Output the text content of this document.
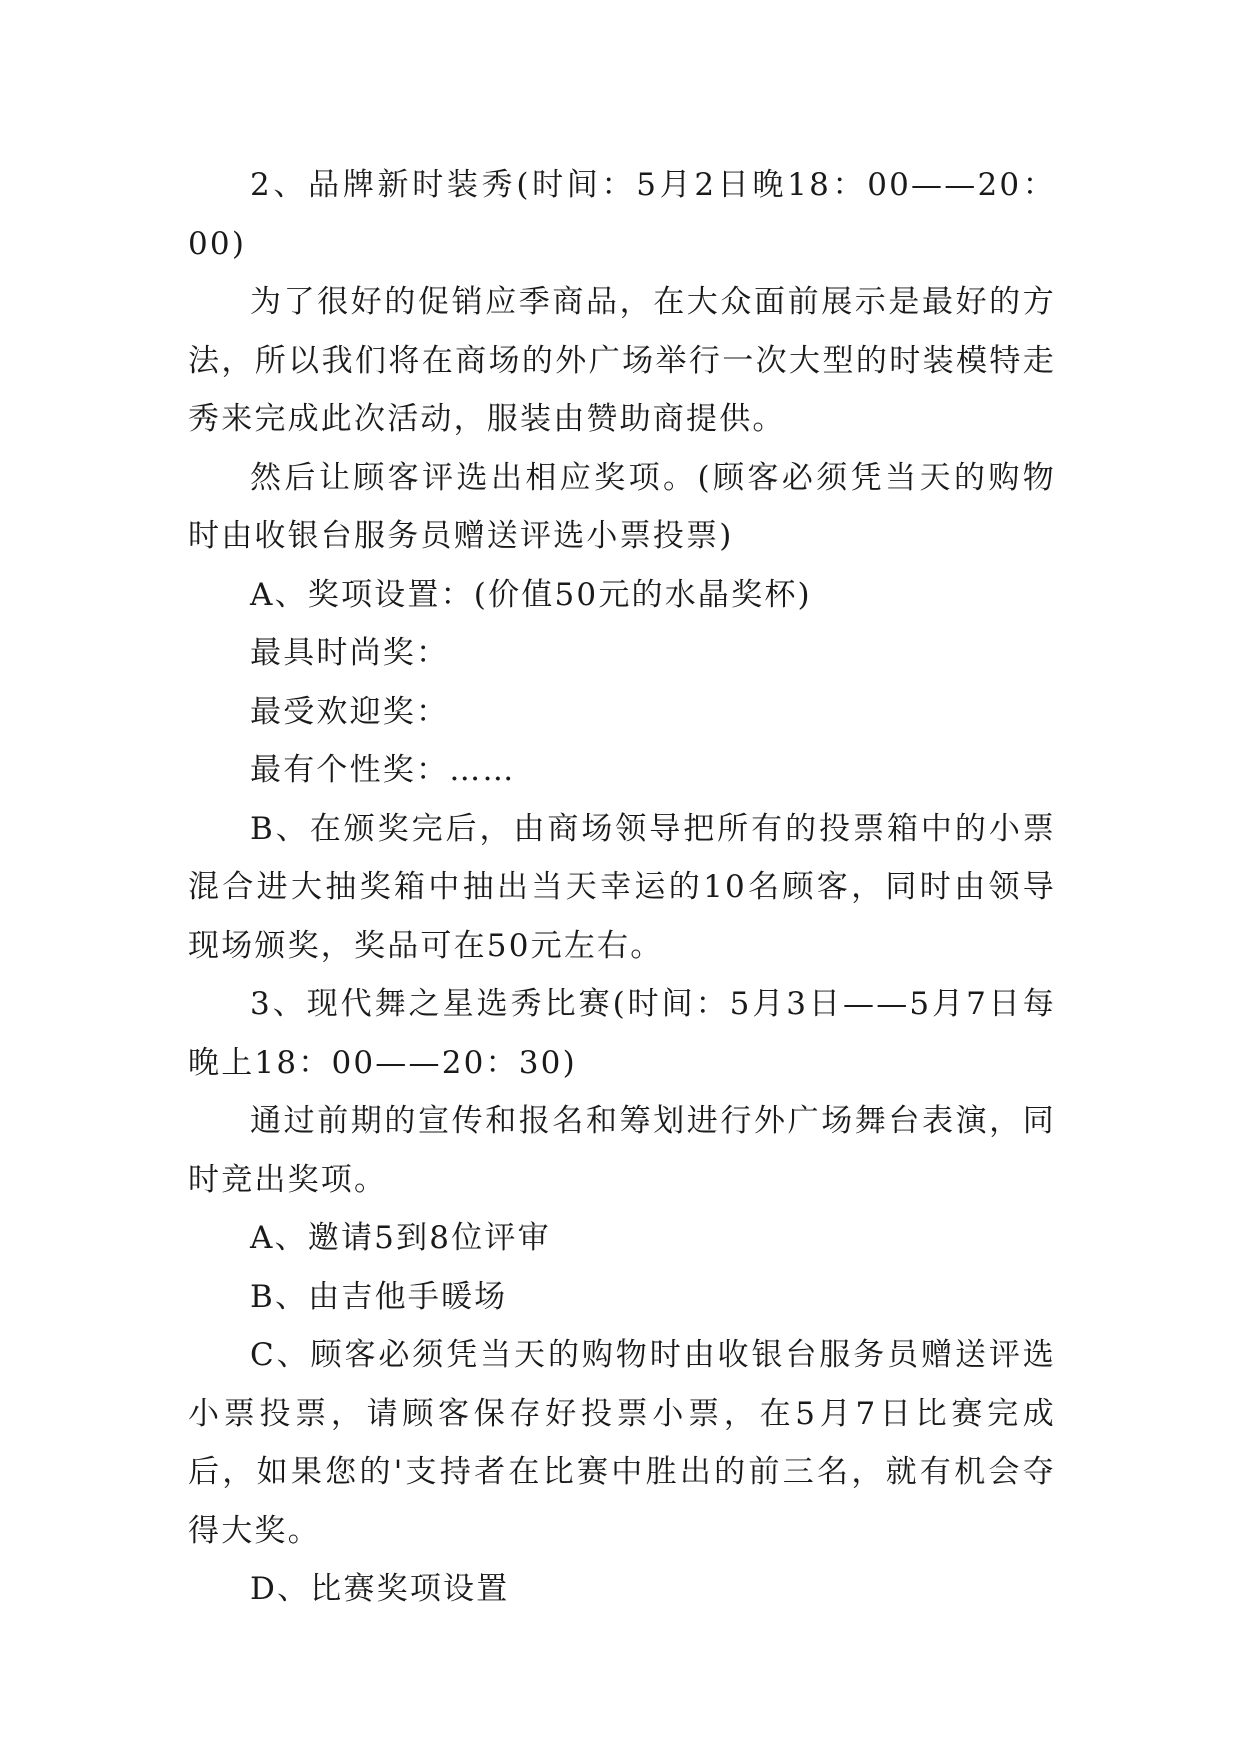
2、品牌新时装秀(时间：5月2日晚18：00——20：00)

为了很好的促销应季商品，在大众面前展示是最好的方法，所以我们将在商场的外广场举行一次大型的时装模特走秀来完成此次活动，服装由赞助商提供。

然后让顾客评选出相应奖项。(顾客必须凭当天的购物时由收银台服务员赠送评选小票投票)

A、奖项设置：(价值50元的水晶奖杯)

最具时尚奖：

最受欢迎奖：

最有个性奖：……

B、在颁奖完后，由商场领导把所有的投票箱中的小票混合进大抽奖箱中抽出当天幸运的10名顾客，同时由领导现场颁奖，奖品可在50元左右。

3、现代舞之星选秀比赛(时间：5月3日——5月7日每晚上18：00——20：30)

通过前期的宣传和报名和筹划进行外广场舞台表演，同时竞出奖项。

A、邀请5到8位评审

B、由吉他手暖场

C、顾客必须凭当天的购物时由收银台服务员赠送评选小票投票，请顾客保存好投票小票，在5月7日比赛完成后，如果您的'支持者在比赛中胜出的前三名，就有机会夺得大奖。

D、比赛奖项设置
